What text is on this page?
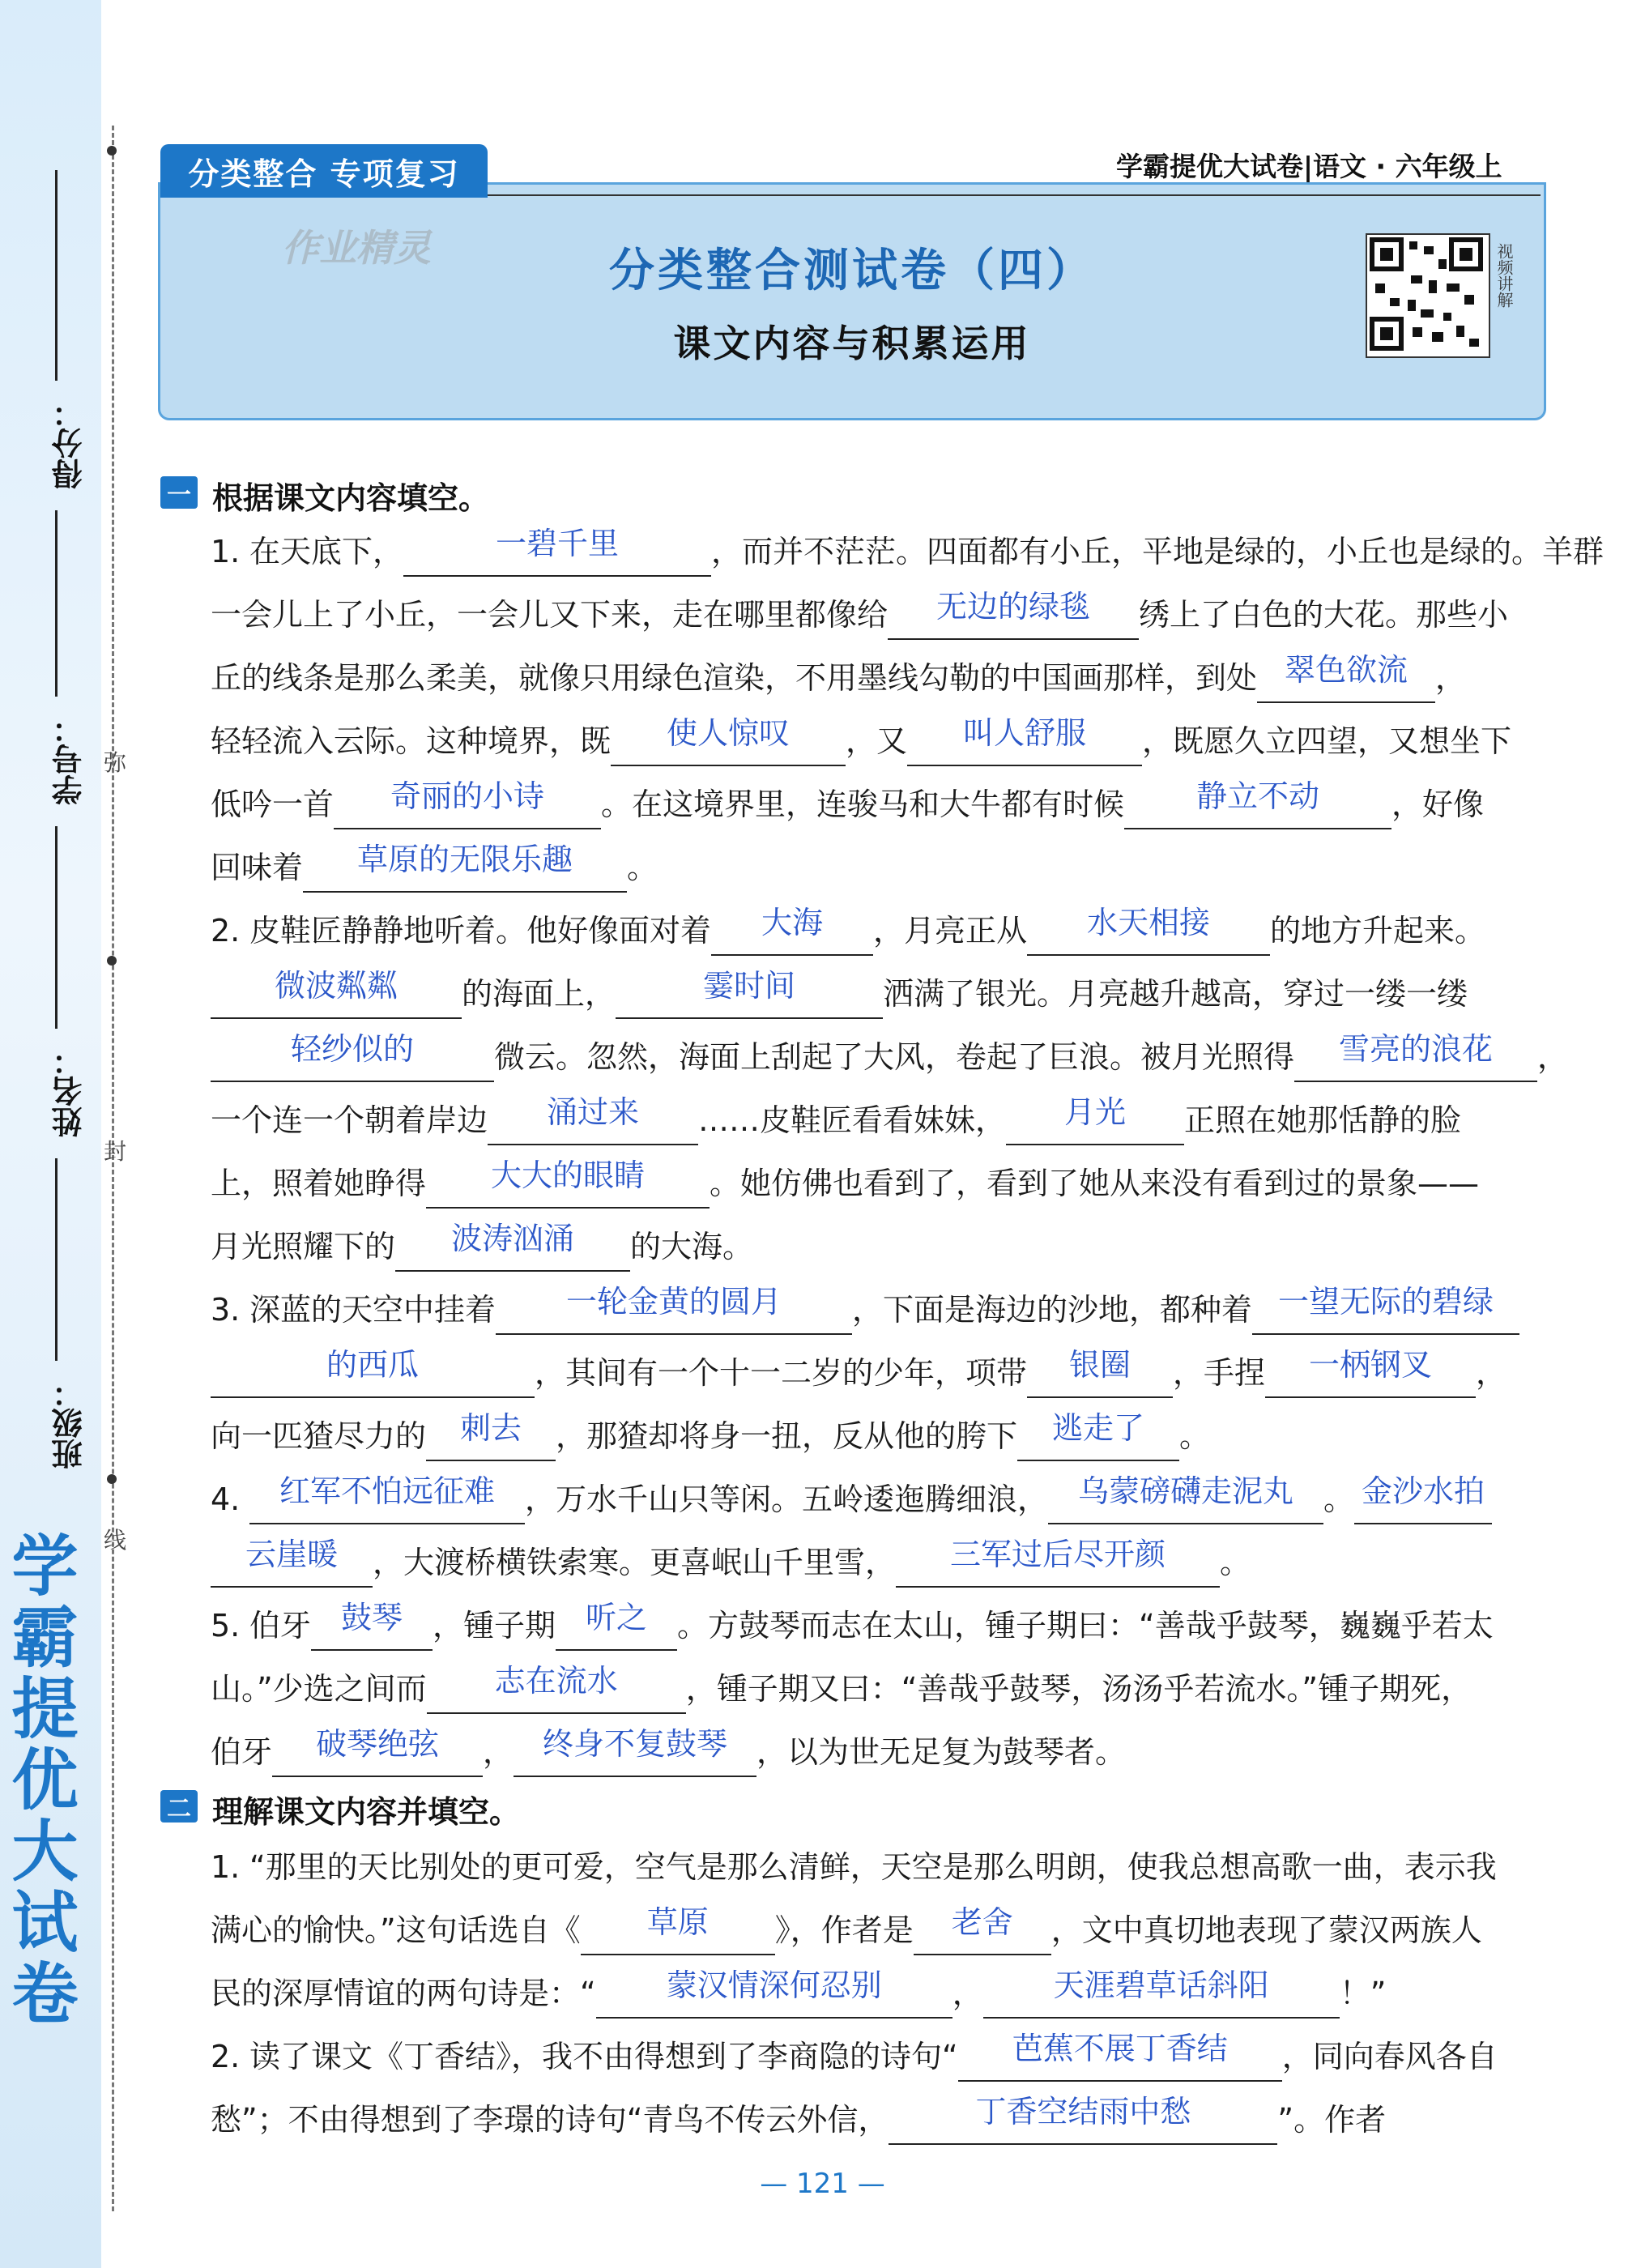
学霸提优大试卷
弥
封
线
得分：
学号：
姓名：
班级：
分类整合测试卷（四）
课文内容与积累运用
作业精灵	视频讲解
分类整合 专项复习	学霸提优大试卷|语文 · 六年级上
一 根据课文内容填空。
1. 在天底下，	一碧千里	，而并不茫茫。四面都有小丘，平地是绿的，小丘也是绿的。羊群
一会儿上了小丘，一会儿又下来，走在哪里都像给 无边的绿毯 绣上了白色的大花。那些小
丘的线条是那么柔美，就像只用绿色渲染，不用墨线勾勒的中国画那样，到处 翠色欲流 ，
轻轻流入云际。这种境界，既 使人惊叹 ，又 叫人舒服 ，既愿久立四望，又想坐下
低吟一首 奇丽的小诗 。在这境界里，连骏马和大牛都有时候 静立不动 ，好像
回味着 草原的无限乐趣 。
2. 皮鞋匠静静地听着。他好像面对着 大海 ，月亮正从 水天相接 的地方升起来。
微波粼粼 的海面上，	霎时间	洒满了银光。月亮越升越高，穿过一缕一缕
轻纱似的	微云。忽然，海面上刮起了大风，卷起了巨浪。被月光照得 雪亮的浪花 ，
一个连一个朝着岸边 涌过来 ……皮鞋匠看看妹妹， 月光 正照在她那恬静的脸
上，照着她睁得 大大的眼睛 。她仿佛也看到了，看到了她从来没有看到过的景象——
月光照耀下的 波涛汹涌 的大海。
3. 深蓝的天空中挂着 一轮金黄的圆月 ，下面是海边的沙地，都种着 一望无际的碧绿
的西瓜	，其间有一个十一二岁的少年，项带 银圈 ，手捏 一柄钢叉 ，
向一匹猹尽力的 刺去 ，那猹却将身一扭，反从他的胯下 逃走了 。
4. 红军不怕远征难 ，万水千山只等闲。五岭逶迤腾细浪， 乌蒙磅礴走泥丸 。 金沙水拍
云崖暖 ，大渡桥横铁索寒。更喜岷山千里雪， 三军过后尽开颜 。
5. 伯牙 鼓琴 ，锺子期 听之 。方鼓琴而志在太山，锺子期曰：“善哉乎鼓琴，巍巍乎若太
山。”少选之间而 志在流水 ，锺子期又曰：“善哉乎鼓琴，汤汤乎若流水。”锺子期死，
伯牙 破琴绝弦 ， 终身不复鼓琴 ，以为世无足复为鼓琴者。
二 理解课文内容并填空。
1. “那里的天比别处的更可爱，空气是那么清鲜，天空是那么明朗，使我总想高歌一曲，表示我
满心的愉快。”这句话选自《 草原 》，作者是 老舍 ，文中真切地表现了蒙汉两族人
民的深厚情谊的两句诗是：“ 蒙汉情深何忍别 ， 天涯碧草话斜阳 ！”
2. 读了课文《丁香结》，我不由得想到了李商隐的诗句“ 芭蕉不展丁香结 ，同向春风各自
愁”；不由得想到了李璟的诗句“青鸟不传云外信，	丁香空结雨中愁	”。作者
— 121 —
